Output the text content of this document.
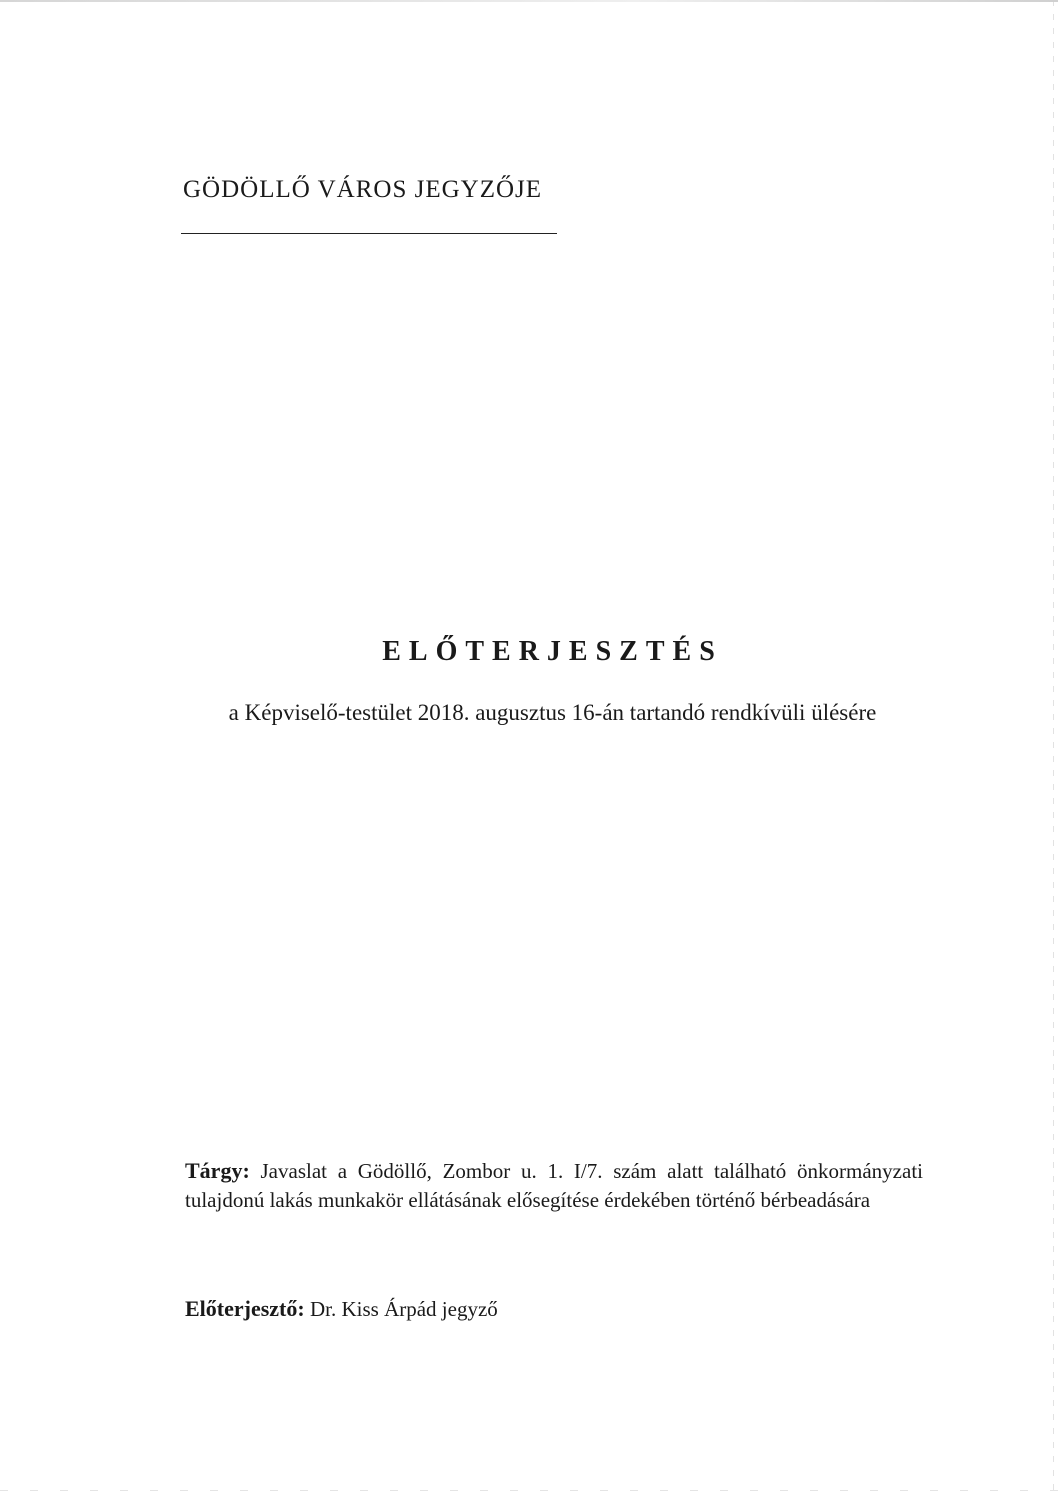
GÖDÖLLŐ VÁROS JEGYZŐJE
ELŐTERJESZTÉS
a Képviselő-testület 2018. augusztus 16-án tartandó rendkívüli ülésére
Tárgy: Javaslat a Gödöllő, Zombor u. 1. I/7. szám alatt található önkormányzati tulajdonú lakás munkakör ellátásának elősegítése érdekében történő bérbeadására
Előterjesztő: Dr. Kiss Árpád jegyző
